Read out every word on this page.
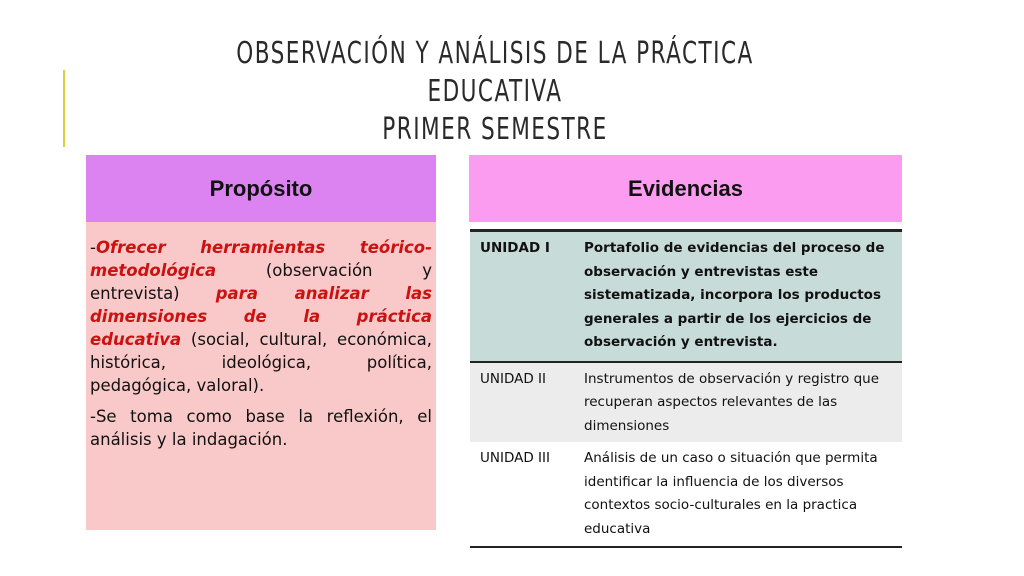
OBSERVACIÓN Y ANÁLISIS DE LA PRÁCTICA EDUCATIVA
PRIMER SEMESTRE
Propósito

-Ofrecer herramientas teórico-metodológica (observación y entrevista) para analizar las dimensiones de la práctica educativa (social, cultural, económica, histórica, ideológica, política, pedagógica, valoral).

-Se toma como base la reflexión, el análisis y la indagación.

Evidencias
UNIDAD I	Portafolio de evidencias del proceso de observación y entrevistas este sistematizada, incorpora los productos generales a partir de los ejercicios de observación y entrevista.
UNIDAD II	Instrumentos de observación y registro que recuperan aspectos relevantes de las dimensiones
UNIDAD III	Análisis de un caso o situación que permita identificar la influencia de los diversos contextos socio-culturales en la practica educativa
